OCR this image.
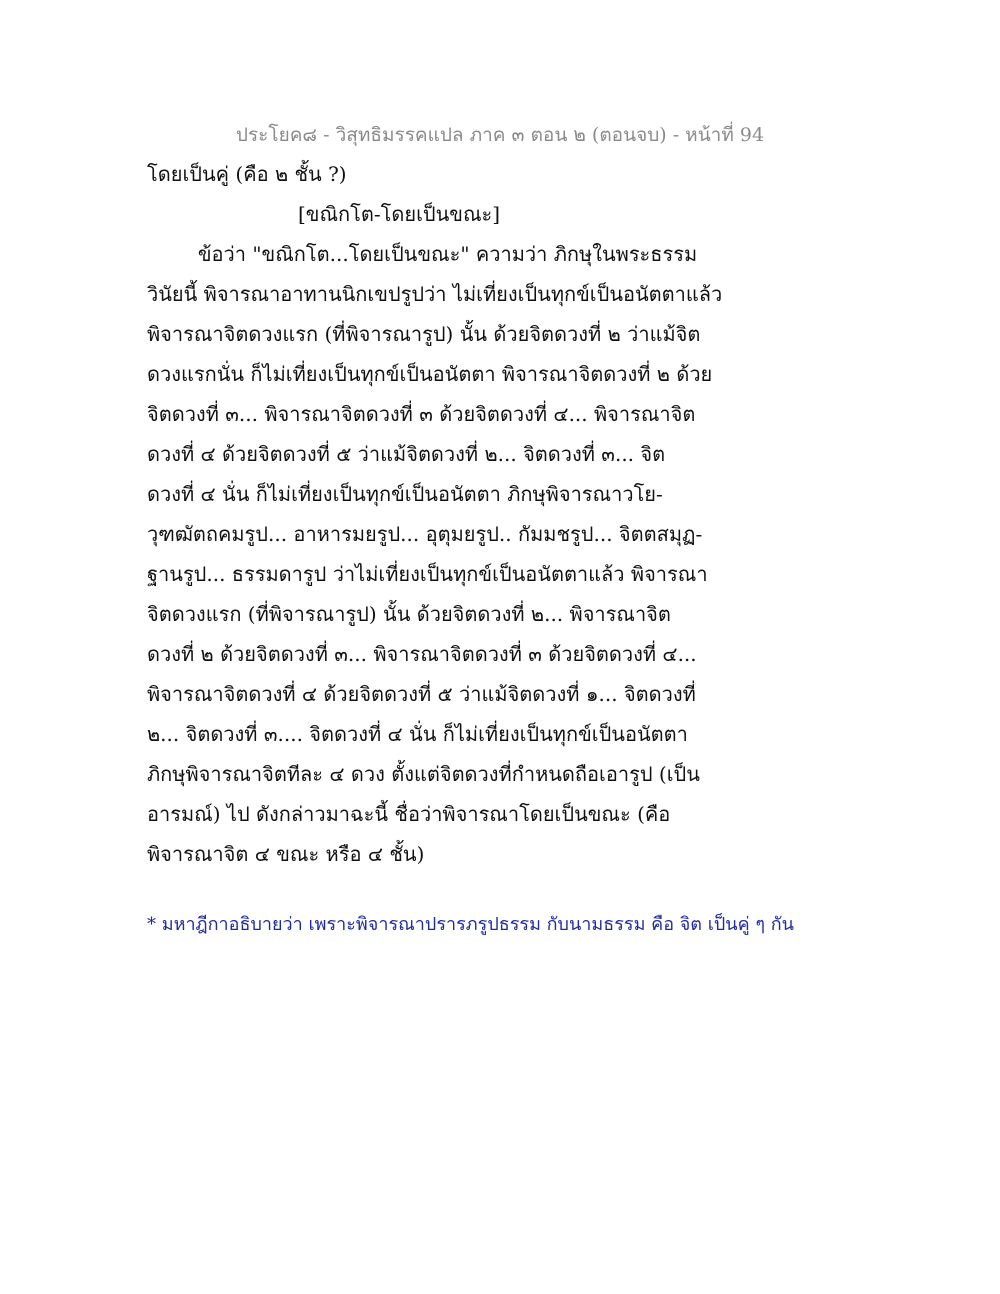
ประโยค๘ - วิสุทธิมรรคแปล ภาค ๓ ตอน ๒ (ตอนจบ) - หน้าที่ 94
โดยเป็นคู่ (คือ ๒ ชั้น ?)
[ขณิกโต-โดยเป็นขณะ]
ข้อว่า "ขณิกโต...โดยเป็นขณะ" ความว่า ภิกษุในพระธรรม
วินัยนี้ พิจารณาอาทานนิกเขปรูปว่า ไม่เที่ยงเป็นทุกข์เป็นอนัตตาแล้ว
พิจารณาจิตดวงแรก (ที่พิจารณารูป) นั้น ด้วยจิตดวงที่ ๒ ว่าแม้จิต
ดวงแรกนั่น ก็ไม่เที่ยงเป็นทุกข์เป็นอนัตตา พิจารณาจิตดวงที่ ๒ ด้วย
จิตดวงที่ ๓... พิจารณาจิตดวงที่ ๓ ด้วยจิตดวงที่ ๔... พิจารณาจิต
ดวงที่ ๔ ด้วยจิตดวงที่ ๕ ว่าแม้จิตดวงที่ ๒... จิตดวงที่ ๓... จิต
ดวงที่ ๔ นั่น ก็ไม่เที่ยงเป็นทุกข์เป็นอนัตตา ภิกษุพิจารณาวโย-
วุฑฒัตถคมรูป... อาหารมยรูป... อุตุมยรูป.. กัมมชรูป... จิตตสมุฏ-
ฐานรูป... ธรรมดารูป ว่าไม่เที่ยงเป็นทุกข์เป็นอนัตตาแล้ว พิจารณา
จิตดวงแรก (ที่พิจารณารูป) นั้น ด้วยจิตดวงที่ ๒... พิจารณาจิต
ดวงที่ ๒ ด้วยจิตดวงที่ ๓... พิจารณาจิตดวงที่ ๓ ด้วยจิตดวงที่ ๔...
พิจารณาจิตดวงที่ ๔ ด้วยจิตดวงที่ ๕ ว่าแม้จิตดวงที่ ๑... จิตดวงที่
๒... จิตดวงที่ ๓.... จิตดวงที่ ๔ นั่น ก็ไม่เที่ยงเป็นทุกข์เป็นอนัตตา
ภิกษุพิจารณาจิตทีละ ๔ ดวง ตั้งแต่จิตดวงที่กำหนดถือเอารูป (เป็น
อารมณ์) ไป ดังกล่าวมาฉะนี้ ชื่อว่าพิจารณาโดยเป็นขณะ (คือ
พิจารณาจิต ๔ ขณะ หรือ ๔ ชั้น)
* มหาฎีกาอธิบายว่า เพราะพิจารณาปรารภรูปธรรม กับนามธรรม คือ จิต เป็นคู่ ๆ กัน
